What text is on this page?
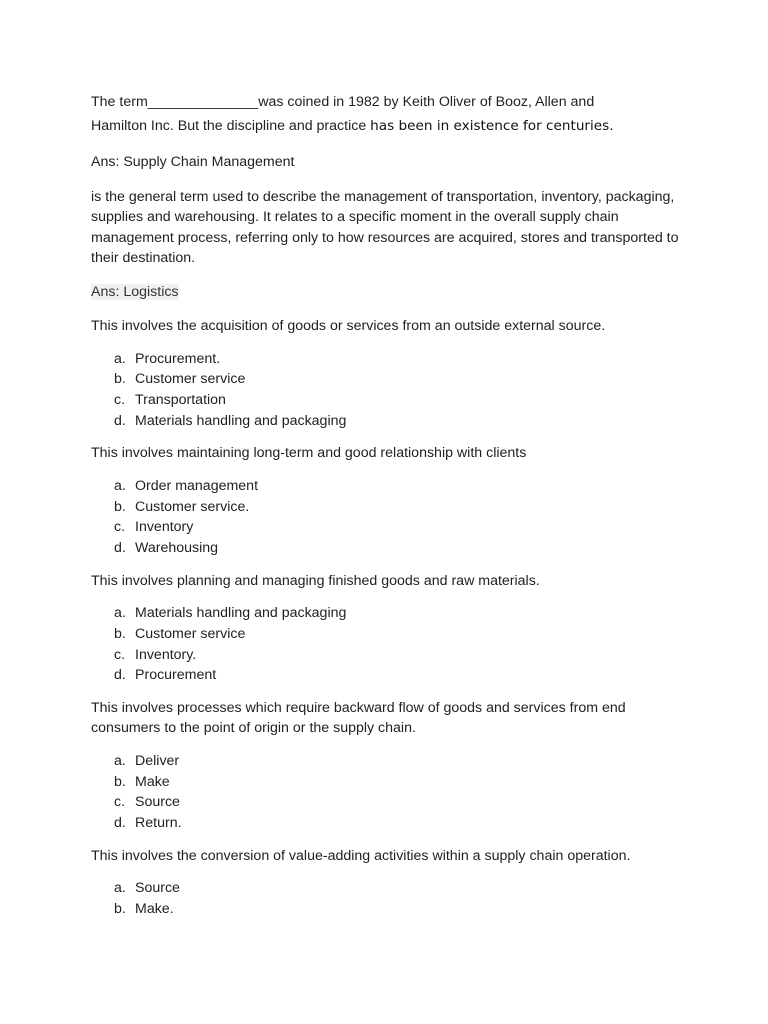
The term______________was coined in 1982 by Keith Oliver of Booz, Allen and
Hamilton Inc. But the discipline and practice has been in existence for centuries.

Ans: Supply Chain Management

is the general term used to describe the management of transportation, inventory, packaging, supplies and warehousing. It relates to a specific moment in the overall supply chain management process, referring only to how resources are acquired, stores and transported to their destination.

Ans: Logistics

This involves the acquisition of goods or services from an outside external source.

a. Procurement.
b. Customer service
c. Transportation
d. Materials handling and packaging

This involves maintaining long-term and good relationship with clients

a. Order management
b. Customer service.
c. Inventory
d. Warehousing

This involves planning and managing finished goods and raw materials.

a. Materials handling and packaging
b. Customer service
c. Inventory.
d. Procurement

This involves processes which require backward flow of goods and services from end consumers to the point of origin or the supply chain.

a. Deliver
b. Make
c. Source
d. Return.

This involves the conversion of value-adding activities within a supply chain operation.

a. Source
b. Make.
